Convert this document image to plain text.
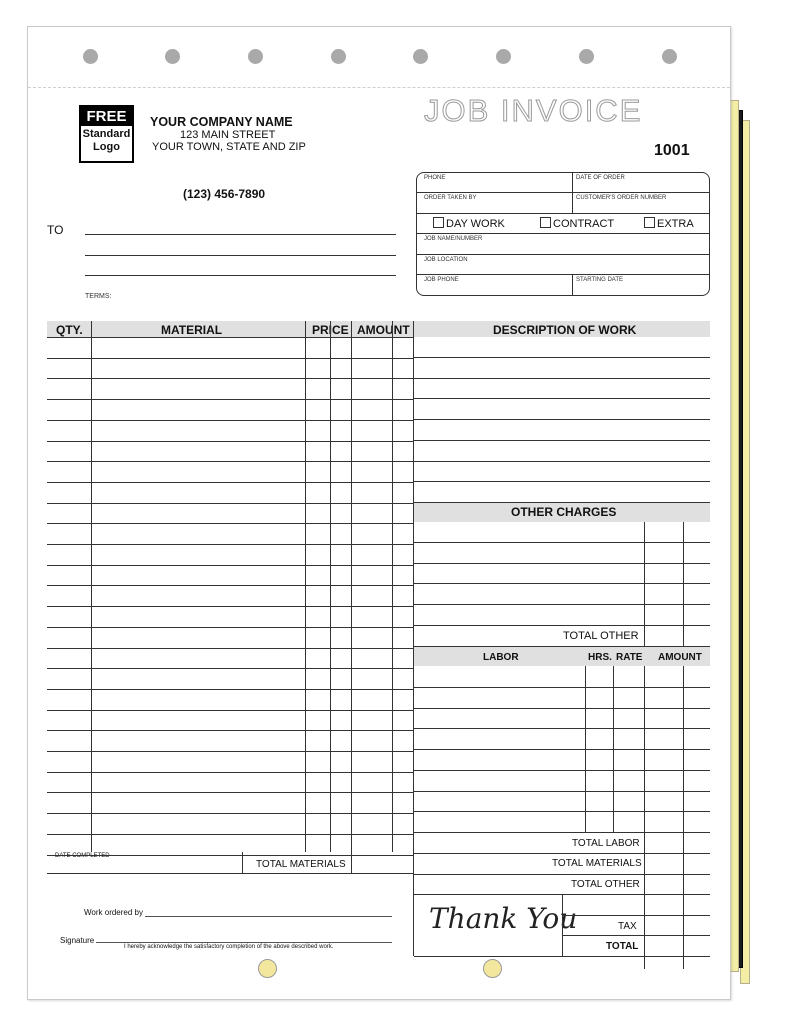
FREE
Standard
Logo
YOUR COMPANY NAME
123 MAIN STREET
YOUR TOWN, STATE AND ZIP
(123) 456-7890
JOB INVOICE
1001
TO
TERMS:
PHONE	DATE OF ORDER
ORDER TAKEN BY	CUSTOMER'S ORDER NUMBER
DAY WORK	CONTRACT	EXTRA
JOB NAME/NUMBER
JOB LOCATION
JOB PHONE	STARTING DATE
QTY.	MATERIAL	PRICE AMOUNT	DESCRIPTION OF WORK
OTHER CHARGES
TOTAL OTHER
LABOR	HRS. RATE AMOUNT
TOTAL LABOR
TOTAL MATERIALS
TOTAL OTHER
TAX
TOTAL
Thank You
DATE COMPLETED
TOTAL MATERIALS
Work ordered by
Signature
I hereby acknowledge the satisfactory completion of the above described work.
